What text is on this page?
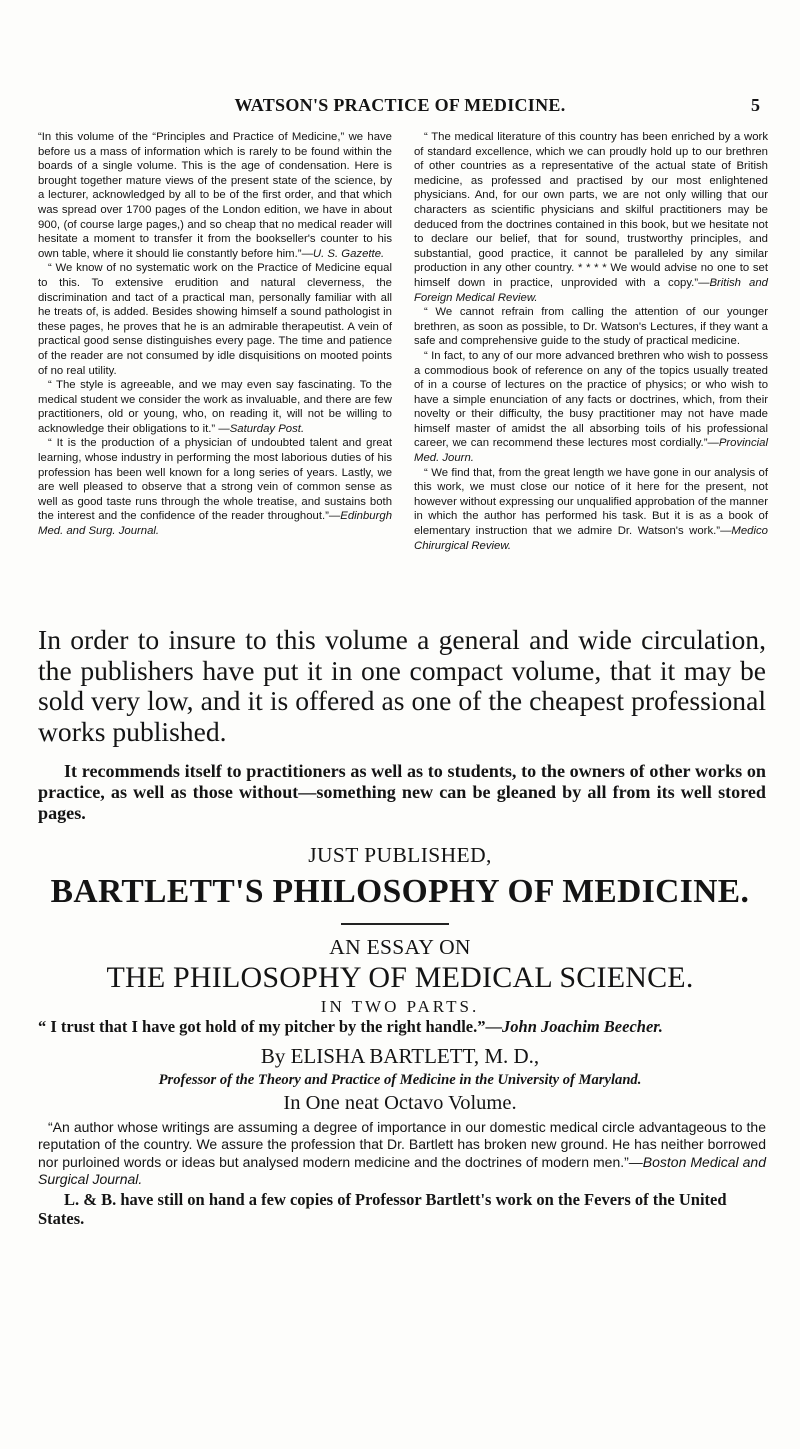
WATSON'S PRACTICE OF MEDICINE.	5

“In this volume of the “Principles and Practice of Medicine,” we have before us a mass of information which is rarely to be found within the boards of a single volume. This is the age of condensation. Here is brought together mature views of the present state of the science, by a lecturer, acknowledged by all to be of the first order, and that which was spread over 1700 pages of the London edition, we have in about 900, (of course large pages,) and so cheap that no medical reader will hesitate a moment to transfer it from the bookseller's counter to his own table, where it should lie constantly before him.”—U. S. Gazette.

“ We know of no systematic work on the Practice of Medicine equal to this. To extensive erudition and natural cleverness, the discrimination and tact of a practical man, personally familiar with all he treats of, is added. Besides showing himself a sound pathologist in these pages, he proves that he is an admirable therapeutist. A vein of practical good sense distinguishes every page. The time and patience of the reader are not consumed by idle disquisitions on mooted points of no real utility.

“ The style is agreeable, and we may even say fascinating. To the medical student we consider the work as invaluable, and there are few practitioners, old or young, who, on reading it, will not be willing to acknowledge their obligations to it.” —Saturday Post.

“ It is the production of a physician of undoubted talent and great learning, whose industry in performing the most laborious duties of his profession has been well known for a long series of years. Lastly, we are well pleased to observe that a strong vein of common sense as well as good taste runs through the whole treatise, and sustains both the interest and the confidence of the reader throughout.”—Edinburgh Med. and Surg. Journal.

“ The medical literature of this country has been enriched by a work of standard excellence, which we can proudly hold up to our brethren of other countries as a representative of the actual state of British medicine, as professed and practised by our most enlightened physicians. And, for our own parts, we are not only willing that our characters as scientific physicians and skilful practitioners may be deduced from the doctrines contained in this book, but we hesitate not to declare our belief, that for sound, trustworthy principles, and substantial, good practice, it cannot be paralleled by any similar production in any other country. * * * * We would advise no one to set himself down in practice, unprovided with a copy.”—British and Foreign Medical Review.

“ We cannot refrain from calling the attention of our younger brethren, as soon as possible, to Dr. Watson's Lectures, if they want a safe and comprehensive guide to the study of practical medicine.

“ In fact, to any of our more advanced brethren who wish to possess a commodious book of reference on any of the topics usually treated of in a course of lectures on the practice of physics; or who wish to have a simple enunciation of any facts or doctrines, which, from their novelty or their difficulty, the busy practitioner may not have made himself master of amidst the all absorbing toils of his professional career, we can recommend these lectures most cordially.”—Provincial Med. Journ.

“ We find that, from the great length we have gone in our analysis of this work, we must close our notice of it here for the present, not however without expressing our unqualified approbation of the manner in which the author has performed his task. But it is as a book of elementary instruction that we admire Dr. Watson's work.”—Medico Chirurgical Review.

In order to insure to this volume a general and wide circulation, the publishers have put it in one compact volume, that it may be sold very low, and it is offered as one of the cheapest professional works published.

It recommends itself to practitioners as well as to students, to the owners of other works on practice, as well as those without—something new can be gleaned by all from its well stored pages.

JUST PUBLISHED,
BARTLETT'S PHILOSOPHY OF MEDICINE.
AN ESSAY ON
THE PHILOSOPHY OF MEDICAL SCIENCE.
IN TWO PARTS.
“ I trust that I have got hold of my pitcher by the right handle.”—John Joachim Beecher.
By ELISHA BARTLETT, M. D.,
Professor of the Theory and Practice of Medicine in the University of Maryland.
In One neat Octavo Volume.

“An author whose writings are assuming a degree of importance in our domestic medical circle advantageous to the reputation of the country. We assure the profession that Dr. Bartlett has broken new ground. He has neither borrowed nor purloined words or ideas but analysed modern medicine and the doctrines of modern men.”—Boston Medical and Surgical Journal.

L. & B. have still on hand a few copies of Professor Bartlett's work on the Fevers of the United States.
